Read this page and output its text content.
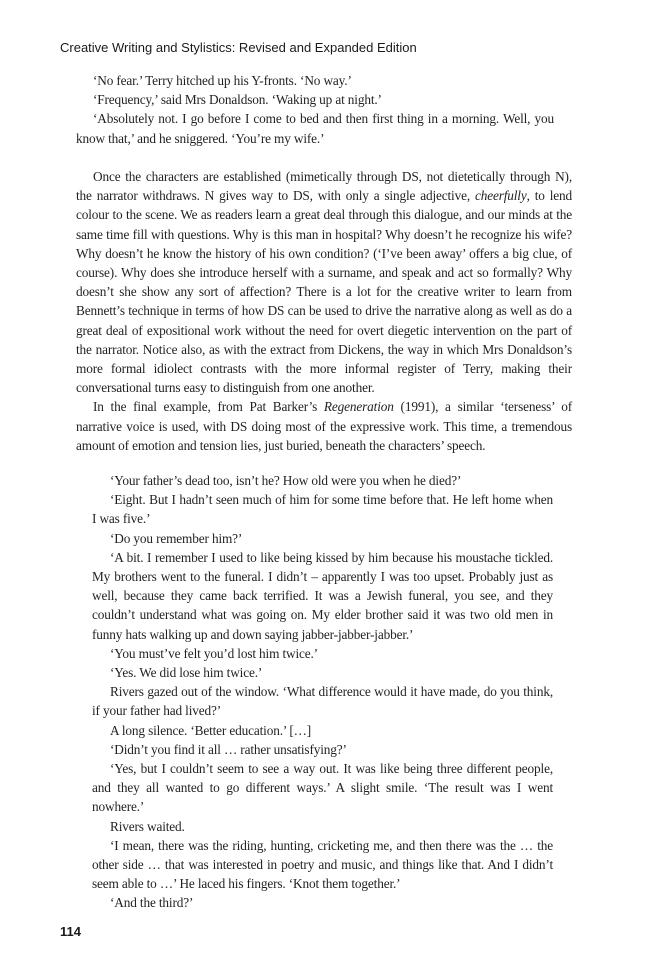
Creative Writing and Stylistics: Revised and Expanded Edition

‘No fear.’ Terry hitched up his Y-fronts. ‘No way.’

‘Frequency,’ said Mrs Donaldson. ‘Waking up at night.’

‘Absolutely not. I go before I come to bed and then first thing in a morning. Well, you know that,’ and he sniggered. ‘You’re my wife.’

Once the characters are established (mimetically through DS, not dietetically through N), the narrator withdraws. N gives way to DS, with only a single adjective, cheerfully, to lend colour to the scene. We as readers learn a great deal through this dialogue, and our minds at the same time fill with questions. Why is this man in hospital? Why doesn’t he recognize his wife? Why doesn’t he know the history of his own condition? (‘I’ve been away’ offers a big clue, of course). Why does she introduce herself with a surname, and speak and act so formally? Why doesn’t she show any sort of affection? There is a lot for the creative writer to learn from Bennett’s technique in terms of how DS can be used to drive the narrative along as well as do a great deal of expositional work without the need for overt diegetic intervention on the part of the narrator. Notice also, as with the extract from Dickens, the way in which Mrs Donaldson’s more formal idiolect contrasts with the more informal register of Terry, making their conversational turns easy to distinguish from one another.

In the final example, from Pat Barker’s Regeneration (1991), a similar ‘terseness’ of narrative voice is used, with DS doing most of the expressive work. This time, a tremendous amount of emotion and tension lies, just buried, beneath the characters’ speech.

‘Your father’s dead too, isn’t he? How old were you when he died?’

‘Eight. But I hadn’t seen much of him for some time before that. He left home when I was five.’

‘Do you remember him?’

‘A bit. I remember I used to like being kissed by him because his moustache tickled. My brothers went to the funeral. I didn’t – apparently I was too upset. Probably just as well, because they came back terrified. It was a Jewish funeral, you see, and they couldn’t understand what was going on. My elder brother said it was two old men in funny hats walking up and down saying jabber-jabber-jabber.’

‘You must’ve felt you’d lost him twice.’

‘Yes. We did lose him twice.’

Rivers gazed out of the window. ‘What difference would it have made, do you think, if your father had lived?’

A long silence. ‘Better education.’ […]

‘Didn’t you find it all … rather unsatisfying?’

‘Yes, but I couldn’t seem to see a way out. It was like being three different people, and they all wanted to go different ways.’ A slight smile. ‘The result was I went nowhere.’

Rivers waited.

‘I mean, there was the riding, hunting, cricketing me, and then there was the … the other side … that was interested in poetry and music, and things like that. And I didn’t seem able to …’ He laced his fingers. ‘Knot them together.’

‘And the third?’

114
